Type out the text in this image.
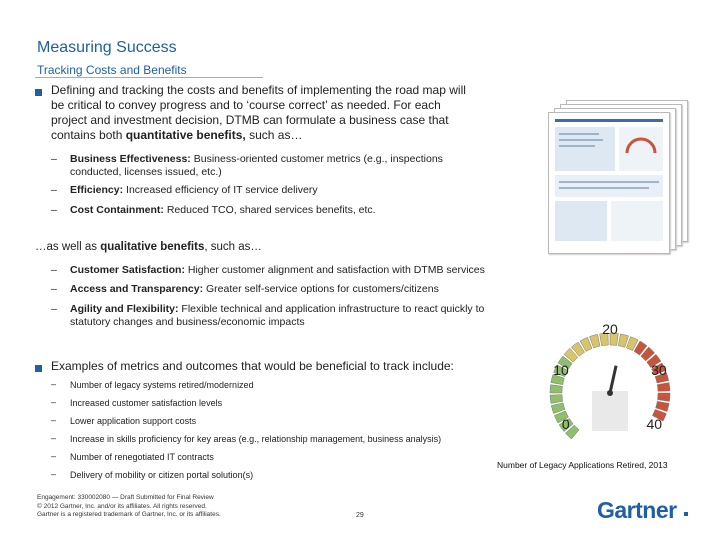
Measuring Success
Tracking Costs and Benefits
Defining and tracking the costs and benefits of implementing the road map will
be critical to convey progress and to ‘course correct’ as needed. For each
project and investment decision, DTMB can formulate a business case that
contains both quantitative benefits, such as…
– Business Effectiveness: Business-oriented customer metrics (e.g., inspections
conducted, licenses issued, etc.)
– Efficiency: Increased efficiency of IT service delivery
– Cost Containment: Reduced TCO, shared services benefits, etc.
…as well as qualitative benefits, such as…
– Customer Satisfaction: Higher customer alignment and satisfaction with DTMB services
– Access and Transparency: Greater self-service options for customers/citizens
– Agility and Flexibility: Flexible technical and application infrastructure to react quickly to
statutory changes and business/economic impacts
Examples of metrics and outcomes that would be beneficial to track include:
– Number of legacy systems retired/modernized
– Increased customer satisfaction levels
– Lower application support costs
– Increase in skills proficiency for key areas (e.g., relationship management, business analysis)
– Number of renegotiated IT contracts
– Delivery of mobility or citizen portal solution(s)
0
10
20
30
40
Number of Legacy Applications Retired, 2013
Engagement: 330002080 — Draft Submitted for Final Review
© 2012 Gartner, Inc. and/or its affiliates. All rights reserved.
Gartner is a registered trademark of Gartner, Inc. or its affiliates.	29	Gartner
